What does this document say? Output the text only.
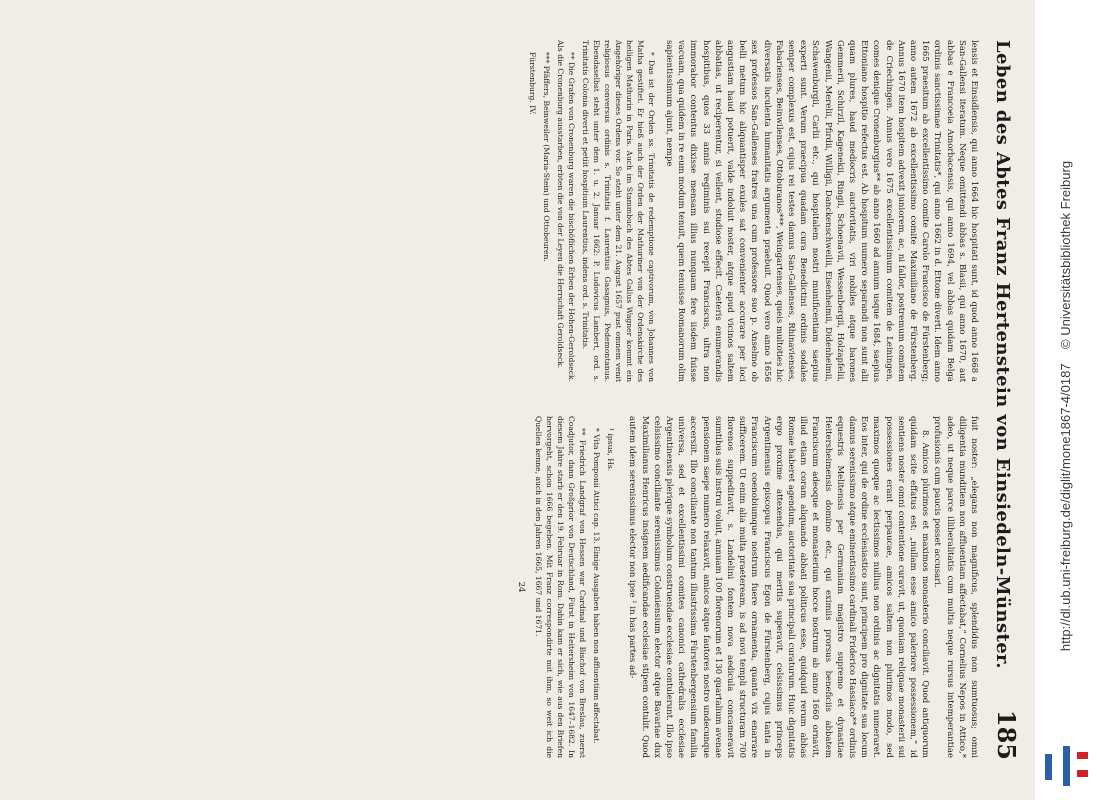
Leben des Abtes Franz Hertenstein von Einsiedeln-Münster.
185

lensis et Einsidlensis, qui anno 1664 hic hospitati sunt, id quod anno 1668 a San-Gallensi iteratum. Neque omittendi abbas s. Blasii, qui anno 1670, aut abbas e Francoeia Amorbacensis, qui anno 1694, vel abbas quidam Belga ordinis sanctissimae Trinitatis*, qui anno 1662 in d. Ettone diverti. Idem anno 1665 praesitum ab excellentissimo comite Carolo Francisco de Fürstenberg; anno autem 1672 ab excellentissimo comite Maximiliano de Fürstenberg. Annus 1670 item hospitem advexit juniorem, ac, ni fallor, postremum comitem de Criechingen. Annus vero 1675 excellentissimum comitem de Leiningen, comes denique Cronenburgius** ab anno 1660 ad annum usque 1684, saepius Ettoniano hospitio refectus est. Ab hospitum numero separandi non sunt alii quam plures, haud mediocris auctoritatis, viri nobiles atque barones Gemmerii, Schirzil, Kagenekii, Ringii, Schoenavii, Wessenbergii, Holzapfelii, Wangenii, Merelii, Pfirdii, Willigii, Danckenschweilii, Eisenheimii, Didenheimii, Schawenburgii, Carlii etc., qui hospitalem nostri munificentiam saepius experti sunt. Verum praecipua quadam cura Benedictini ordinis sodales semper complexus est, cujus rei testes damus San-Gallenses, Rhinavienses, Fabarienses, Beinwilenses, Ottoburanos***, Weingartenses, queis multoties hic diversatis luculenta humanitatis argumenta praebuit. Quod vero anno 1656 sex professos San-Gallenses fratres una cum professore suo p. Anselmo ob belli metum hic aliquantisper exules sat convenienter accurare per loci angustiam haud potuerit, valde indoluit noster, atque apud vicinos saltem abbatias, ut reciperentur, si vellent, studiose effecit. Caeteris enumerandis hospitibus, quos 33 annis regiminis sui recepit Franciscus, ultra non immorabor contentus dixisse mensam illius nunquam fere iisdem fuisse vacuam, qua quidem in re eum modum tenuit, quem tenuisse Romanorum olim sapientissimum ajunt, nempe

* Das ist der Orden ss. Trinitatis de redemptione captivorum, von Johannes von Matha gestiftet. Er hieß auch der Orden der Mathuriner von der Ordenskirche des heiligen Mathurin in Paris. Auch im Stammbuch des Abtes Gallus Wagner kommt ein Angehöriger dieses Ordens vor. So steht unter dem 21. August 1657 pust omnem venit religiosus conversus ordinis s. Trinitatis f. Laurentius Gasagnus, Pedemontanus. Ebendaselbst steht unter dem 1. u. 2. Januar 1662: P. Ludovicus Lambert, ord. s. Trinitatis Colonia diverti et petiit hospitium Laurentius, indens ord. s. Trinitatis.

** Die Grafen von Cronenburg waren die bischöflichen Erben der Hohen-Geroldseck. Als die Cronenburg ausstarben, erbten die von der Leyen die Herrschaft Geroldseck.

*** Pfäffers, Beinweiler (Maria-Stein) und Ottobeuren.

Fürstenburg. IV.

fuit noster: „elegans non magnificus, splendidus non sumtuosus; omni diligentia munditiem non affluentiam affectabat,“ Cornelius Nepos in Attico,* adeo, ut neque parce illiberalitatis cum multis neque rursus intemperantiae profusionis cum paucis posset accusari.

8. Amicos plurimos et maximos monasterio conciliavit. Quod antiquorum quidam scite effatus est: „nullam esse amico paleriore possessionem,“ id sentiens noster omni contentione curavit, ut, quoniam reliquae monasterii sui possessiones erant perpaucae, amicos saltem non plurimos modo, sed maximos quoque ac lectissimos nullius non ordinis ac dignitatis numeraret. Eos inter, qui de ordine ecclesiastico sunt, principem pro dignitate sua locum damus serenissimo atque eminentissimo cardinali Friderico Hassiaco** ordinis equestris Melitensis per Germaniam magistro supremo et dynastiae Heitersheimensis domino etc., qui eximiis prorsus beneficiis abbatem Franciscum adeoque et monasterium hocce nostrum ab anno 1660 ornavit, illud etiam coram aliquando abbati politicus esse, quidquid rerum abbas Romae haberet agendum, auctoritate sua principali curaturum. Huic dignitatis ergo proxime attexendus, qui meritis superavit, celsissimus princeps Argentinensis episcopus Franciscus Egon de Fürstenberg, cujus tanta in Franciscum coenobiumque nostrum fuere ornamenta, quanta vix enarrare sufficerem. Ut enim alia multa praeteream, is ad novi templi structuram 700 florenos suppeditavit, s. Landelini fontem nova aedicula concameravit sumtibus suis instrui voluit, annuam 100 florenorum et 130 quartalium avenae pensionem saepe numero relaxavit, amicos atque fautores nostro undecunque accersiit. Illo conciliante non tantum illustrissima Fürstenbergensium familia universa, sed et excellentissimi comites canonici cathedralis ecclesiae Argentinensis plerique symbolum construendae ecclesiae contulerunt. Illo ipso celsissimo conciliante serenissimus Coloniensium elector atque Bavariae dux Maximilianus Henricus insignem aedificandae ecclesiae stipem contulit. Quod autem idem serenissimus elector non ipse ¹ in has partes ad-

¹ ipsus, Hs.

* Vita Pomponii Attici cap. 13. Einige Ausgaben haben non affluentiam affectabat.

** Friedrich Landgraf von Hessen war Cardinal und Bischof von Breslau, zuerst Coadjutor, dann Großprior von Deutschland, Fürst in Heitersheim von 1647–1682. In diesem Jahre starb er den 19. Februar in Rom. Dahin kam er sich, wie aus den Briefen hervorgeht, schon 1666 begeben. Mit Franz correspondirte mit ihm, so weit ich die Quellen kenne, auch in den Jahren 1665, 1667 und 1671.

24	http://dl.ub.uni-freiburg.de/diglit/mone1867-4/0187 © Universitätsbibliothek Freiburg
